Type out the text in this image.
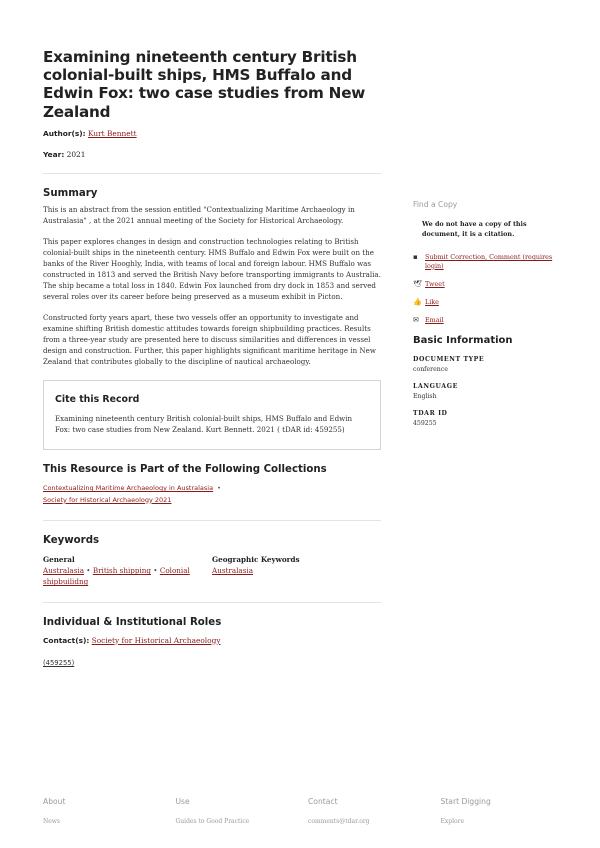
Examining nineteenth century British colonial-built ships, HMS Buffalo and Edwin Fox: two case studies from New Zealand
Author(s): Kurt Bennett
Year: 2021
Summary

This is an abstract from the session entitled "Contextualizing Maritime Archaeology in Australasia" , at the 2021 annual meeting of the Society for Historical Archaeology.

This paper explores changes in design and construction technologies relating to British colonial-built ships in the nineteenth century. HMS Buffalo and Edwin Fox were built on the banks of the River Hooghly, India, with teams of local and foreign labour. HMS Buffalo was constructed in 1813 and served the British Navy before transporting immigrants to Australia. The ship became a total loss in 1840. Edwin Fox launched from dry dock in 1853 and served several roles over its career before being preserved as a museum exhibit in Picton.

Constructed forty years apart, these two vessels offer an opportunity to investigate and examine shifting British domestic attitudes towards foreign shipbuilding practices. Results from a three-year study are presented here to discuss similarities and differences in vessel design and construction. Further, this paper highlights significant maritime heritage in New Zealand that contributes globally to the discipline of nautical archaeology.

Cite this Record

Examining nineteenth century British colonial-built ships, HMS Buffalo and Edwin Fox: two case studies from New Zealand. Kurt Bennett. 2021 ( tDAR id: 459255)

This Resource is Part of the Following Collections
Contextualizing Maritime Archaeology in Australasia •
Society for Historical Archaeology 2021
Keywords
General
Australasia • British shipping • Colonial shipbuilidng
Geographic Keywords
Australasia
Individual & Institutional Roles
Contact(s): Society for Historical Archaeology
(459255)
Find a Copy
We do not have a copy of this document, it is a citation.
▪	Submit Correction, Comment (requires login)
🕊 Tweet
👍 Like
✉ Email
Basic Information
DOCUMENT TYPE
conference
LANGUAGE
English
TDAR ID
459255
About
News
Use
Guides to Good Practice
Contact
comments@tdar.org
Start Digging
Explore
